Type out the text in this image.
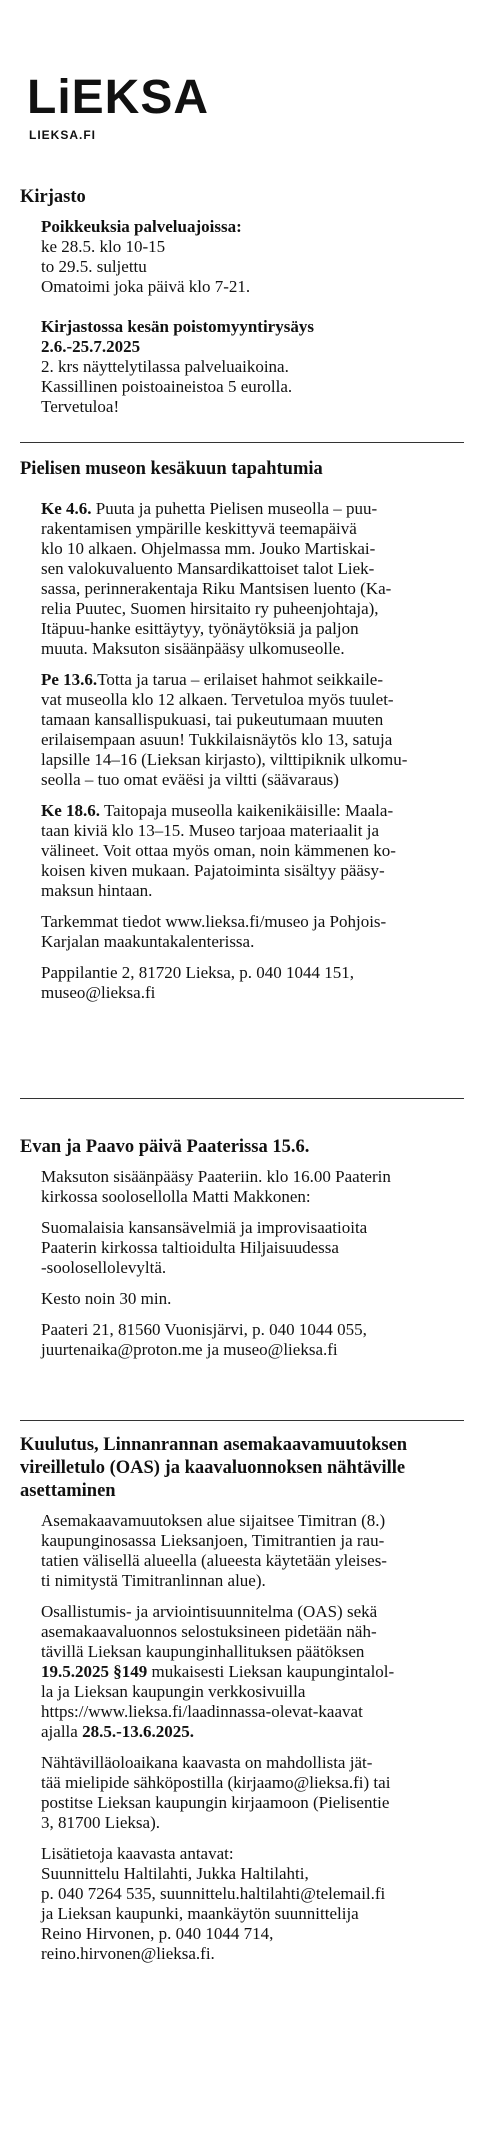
LiEKSA
LIEKSA.FI
Kirjasto
Poikkeuksia palveluajoissa:
ke 28.5. klo 10-15
to 29.5. suljettu
Omatoimi joka päivä klo 7-21.
Kirjastossa kesän poistomyyntirysäys
2.6.-25.7.2025
2. krs näyttelytilassa palveluaikoina.
Kassillinen poistoaineistoa 5 eurolla.
Tervetuloa!
Pielisen museon kesäkuun tapahtumia
Ke 4.6. Puuta ja puhetta Pielisen museolla – puu-
rakentamisen ympärille keskittyvä teemapäivä
klo 10 alkaen. Ohjelmassa mm. Jouko Martiskai-
sen valokuvaluento Mansardikattoiset talot Liek-
sassa, perinnerakentaja Riku Mantsisen luento (Ka-
relia Puutec, Suomen hirsitaito ry puheenjohtaja),
Itäpuu-hanke esittäytyy, työnäytöksiä ja paljon
muuta. Maksuton sisäänpääsy ulkomuseolle.
Pe 13.6.Totta ja tarua – erilaiset hahmot seikkaile-
vat museolla klo 12 alkaen. Tervetuloa myös tuulet-
tamaan kansallispukuasi, tai pukeutumaan muuten
erilaisempaan asuun! Tukkilaisnäytös klo 13, satuja
lapsille 14–16 (Lieksan kirjasto), vilttipiknik ulkomu-
seolla – tuo omat eväësi ja viltti (säävaraus)
Ke 18.6. Taitopaja museolla kaikenikäisille: Maala-
taan kiviä klo 13–15. Museo tarjoaa materiaalit ja
välineet. Voit ottaa myös oman, noin kämmenen ko-
koisen kiven mukaan. Pajatoiminta sisältyy pääsy-
maksun hintaan.
Tarkemmat tiedot www.lieksa.fi/museo ja Pohjois-
Karjalan maakuntakalenterissa.
Pappilantie 2, 81720 Lieksa, p. 040 1044 151,
museo@lieksa.fi
Evan ja Paavo päivä Paaterissa 15.6.
Maksuton sisäänpääsy Paateriin. klo 16.00 Paaterin
kirkossa soolosellolla Matti Makkonen:
Suomalaisia kansansävelmiä ja improvisaatioita
Paaterin kirkossa taltioidulta Hiljaisuudessa
-soolosellolevyltä.
Kesto noin 30 min.
Paateri 21, 81560 Vuonisjärvi, p. 040 1044 055,
juurtenaika@proton.me ja museo@lieksa.fi
Kuulutus, Linnanrannan asemakaavamuutoksen
vireilletulo (OAS) ja kaavaluonnoksen nähtäville
asettaminen
Asemakaavamuutoksen alue sijaitsee Timitran (8.)
kaupunginosassa Lieksanjoen, Timitrantien ja rau-
tatien välisellä alueella (alueesta käytetään yleises-
ti nimitystä Timitranlinnan alue).
Osallistumis- ja arviointisuunnitelma (OAS) sekä
asemakaavaluonnos selostuksineen pidetään näh-
tävillä Lieksan kaupunginhallituksen päätöksen
19.5.2025 §149 mukaisesti Lieksan kaupungintalol-
la ja Lieksan kaupungin verkkosivuilla
https://www.lieksa.fi/laadinnassa-olevat-kaavat
ajalla 28.5.-13.6.2025.
Nähtävilläoloaikana kaavasta on mahdollista jät-
tää mielipide sähköpostilla (kirjaamo@lieksa.fi) tai
postitse Lieksan kaupungin kirjaamoon (Pielisentie
3, 81700 Lieksa).
Lisätietoja kaavasta antavat:
Suunnittelu Haltilahti, Jukka Haltilahti,
p. 040 7264 535, suunnittelu.haltilahti@telemail.fi
ja Lieksan kaupunki, maankäytön suunnittelija
Reino Hirvonen, p. 040 1044 714,
reino.hirvonen@lieksa.fi.
